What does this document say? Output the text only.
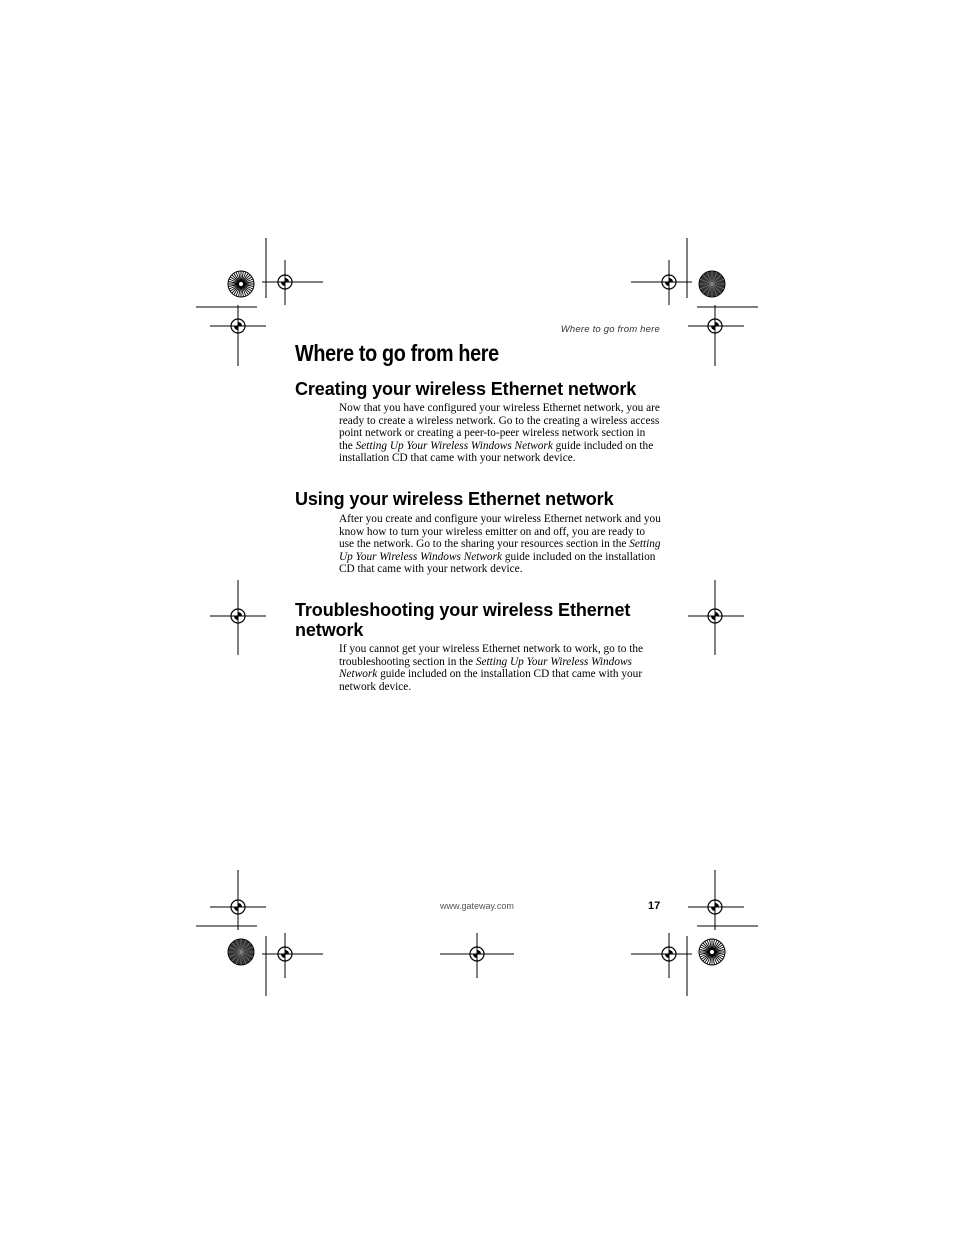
Where to go from here
Where to go from here
Creating your wireless Ethernet network

Now that you have configured your wireless Ethernet network, you are ready to create a wireless network. Go to the creating a wireless access point network or creating a peer-to-peer wireless network section in the Setting Up Your Wireless Windows Network guide included on the installation CD that came with your network device.

Using your wireless Ethernet network

After you create and configure your wireless Ethernet network and you know how to turn your wireless emitter on and off, you are ready to use the network. Go to the sharing your resources section in the Setting Up Your Wireless Windows Network guide included on the installation CD that came with your network device.

Troubleshooting your wireless Ethernet network

If you cannot get your wireless Ethernet network to work, go to the troubleshooting section in the Setting Up Your Wireless Windows Network guide included on the installation CD that came with your network device.

www.gateway.com	17
